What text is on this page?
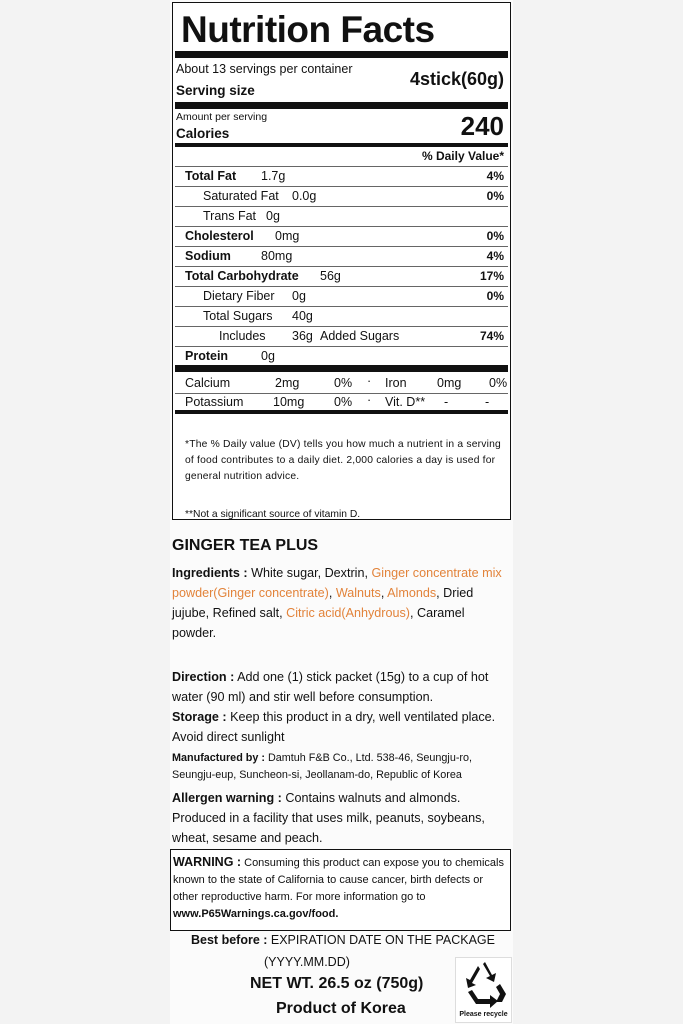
Nutrition Facts
About 13 servings per container
Serving size
4stick(60g)
Amount per serving
Calories	240
% Daily Value*
Total Fat 1.7g	4%
Saturated Fat 0.0g	0%
Trans Fat 0g
Cholesterol 0mg	0%
Sodium 80mg	4%
Total Carbohydrate 56g	17%
Dietary Fiber 0g	0%
Total Sugars 40g
Includes 36g Added Sugars	74%
Protein	0g
Calcium	2mg	0% · Iron 0mg 0%
Potassium 10mg 0% · Vit. D** -	-
*The % Daily value (DV) tells you how much a nutrient in a serving of food contributes to a daily diet. 2,000 calories a day is used for general nutrition advice.
**Not a significant source of vitamin D.
GINGER TEA PLUS
Ingredients : White sugar, Dextrin, Ginger concentrate mix powder(Ginger concentrate), Walnuts, Almonds, Dried jujube, Refined salt, Citric acid(Anhydrous), Caramel powder.
Direction : Add one (1) stick packet (15g) to a cup of hot water (90 ml) and stir well before consumption.
Storage : Keep this product in a dry, well ventilated place. Avoid direct sunlight
Manufactured by : Damtuh F&B Co., Ltd. 538-46, Seungju-ro, Seungju-eup, Suncheon-si, Jeollanam-do, Republic of Korea
Allergen warning : Contains walnuts and almonds. Produced in a facility that uses milk, peanuts, soybeans, wheat, sesame and peach.
WARNING : Consuming this product can expose you to chemicals known to the state of California to cause cancer, birth defects or other reproductive harm. For more information go to www.P65Warnings.ca.gov/food.
Best before : EXPIRATION DATE ON THE PACKAGE
(YYYY.MM.DD)
NET WT. 26.5 oz (750g)
Product of Korea	Please recycle
